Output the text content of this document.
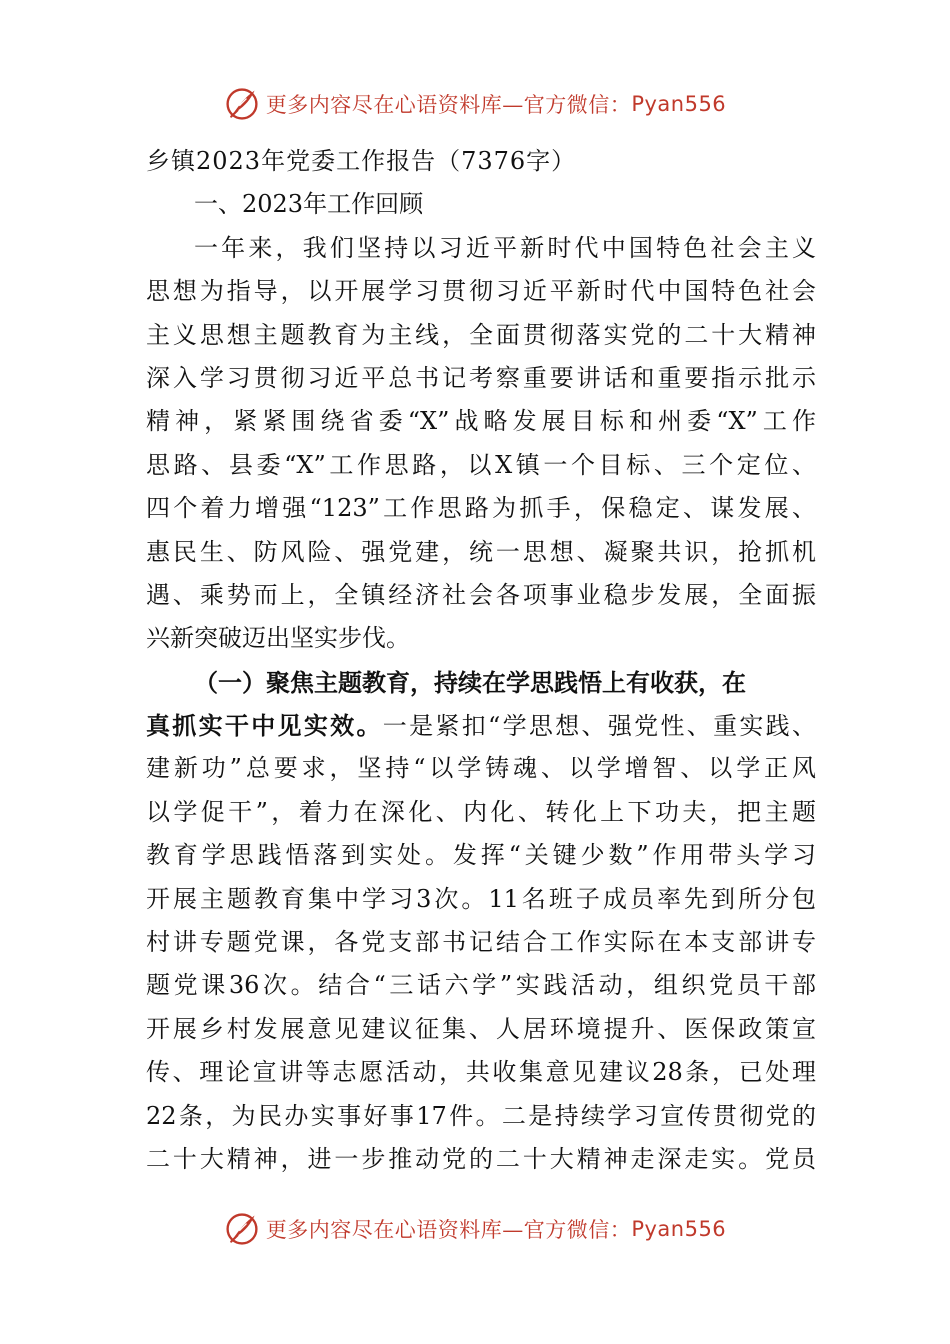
更多内容尽在心语资料库—官方微信： Pyan556
乡镇2023年党委工作报告（7376字）
一、2023年工作回顾
一年来，我们坚持以习近平新时代中国特色社会主义
思想为指导，以开展学习贯彻习近平新时代中国特色社会
主义思想主题教育为主线，全面贯彻落实党的二十大精神
深入学习贯彻习近平总书记考察重要讲话和重要指示批示
精神，紧紧围绕省委“X”战略发展目标和州委“X”工作
思路、县委“X”工作思路，以X镇一个目标、三个定位、
四个着力增强“123”工作思路为抓手，保稳定、谋发展、
惠民生、防风险、强党建，统一思想、凝聚共识，抢抓机
遇、乘势而上，全镇经济社会各项事业稳步发展，全面振
兴新突破迈出坚实步伐。
（一）聚焦主题教育，持续在学思践悟上有收获，在
真抓实干中见实效。一是紧扣“学思想、强党性、重实践、
建新功”总要求，坚持“以学铸魂、以学增智、以学正风
以学促干”，着力在深化、内化、转化上下功夫，把主题
教育学思践悟落到实处。发挥“关键少数”作用带头学习
开展主题教育集中学习3次。11名班子成员率先到所分包
村讲专题党课，各党支部书记结合工作实际在本支部讲专
题党课36次。结合“三话六学”实践活动，组织党员干部
开展乡村发展意见建议征集、人居环境提升、医保政策宣
传、理论宣讲等志愿活动，共收集意见建议28条，已处理
22条，为民办实事好事17件。二是持续学习宣传贯彻党的
二十大精神，进一步推动党的二十大精神走深走实。党员
更多内容尽在心语资料库—官方微信： Pyan556
